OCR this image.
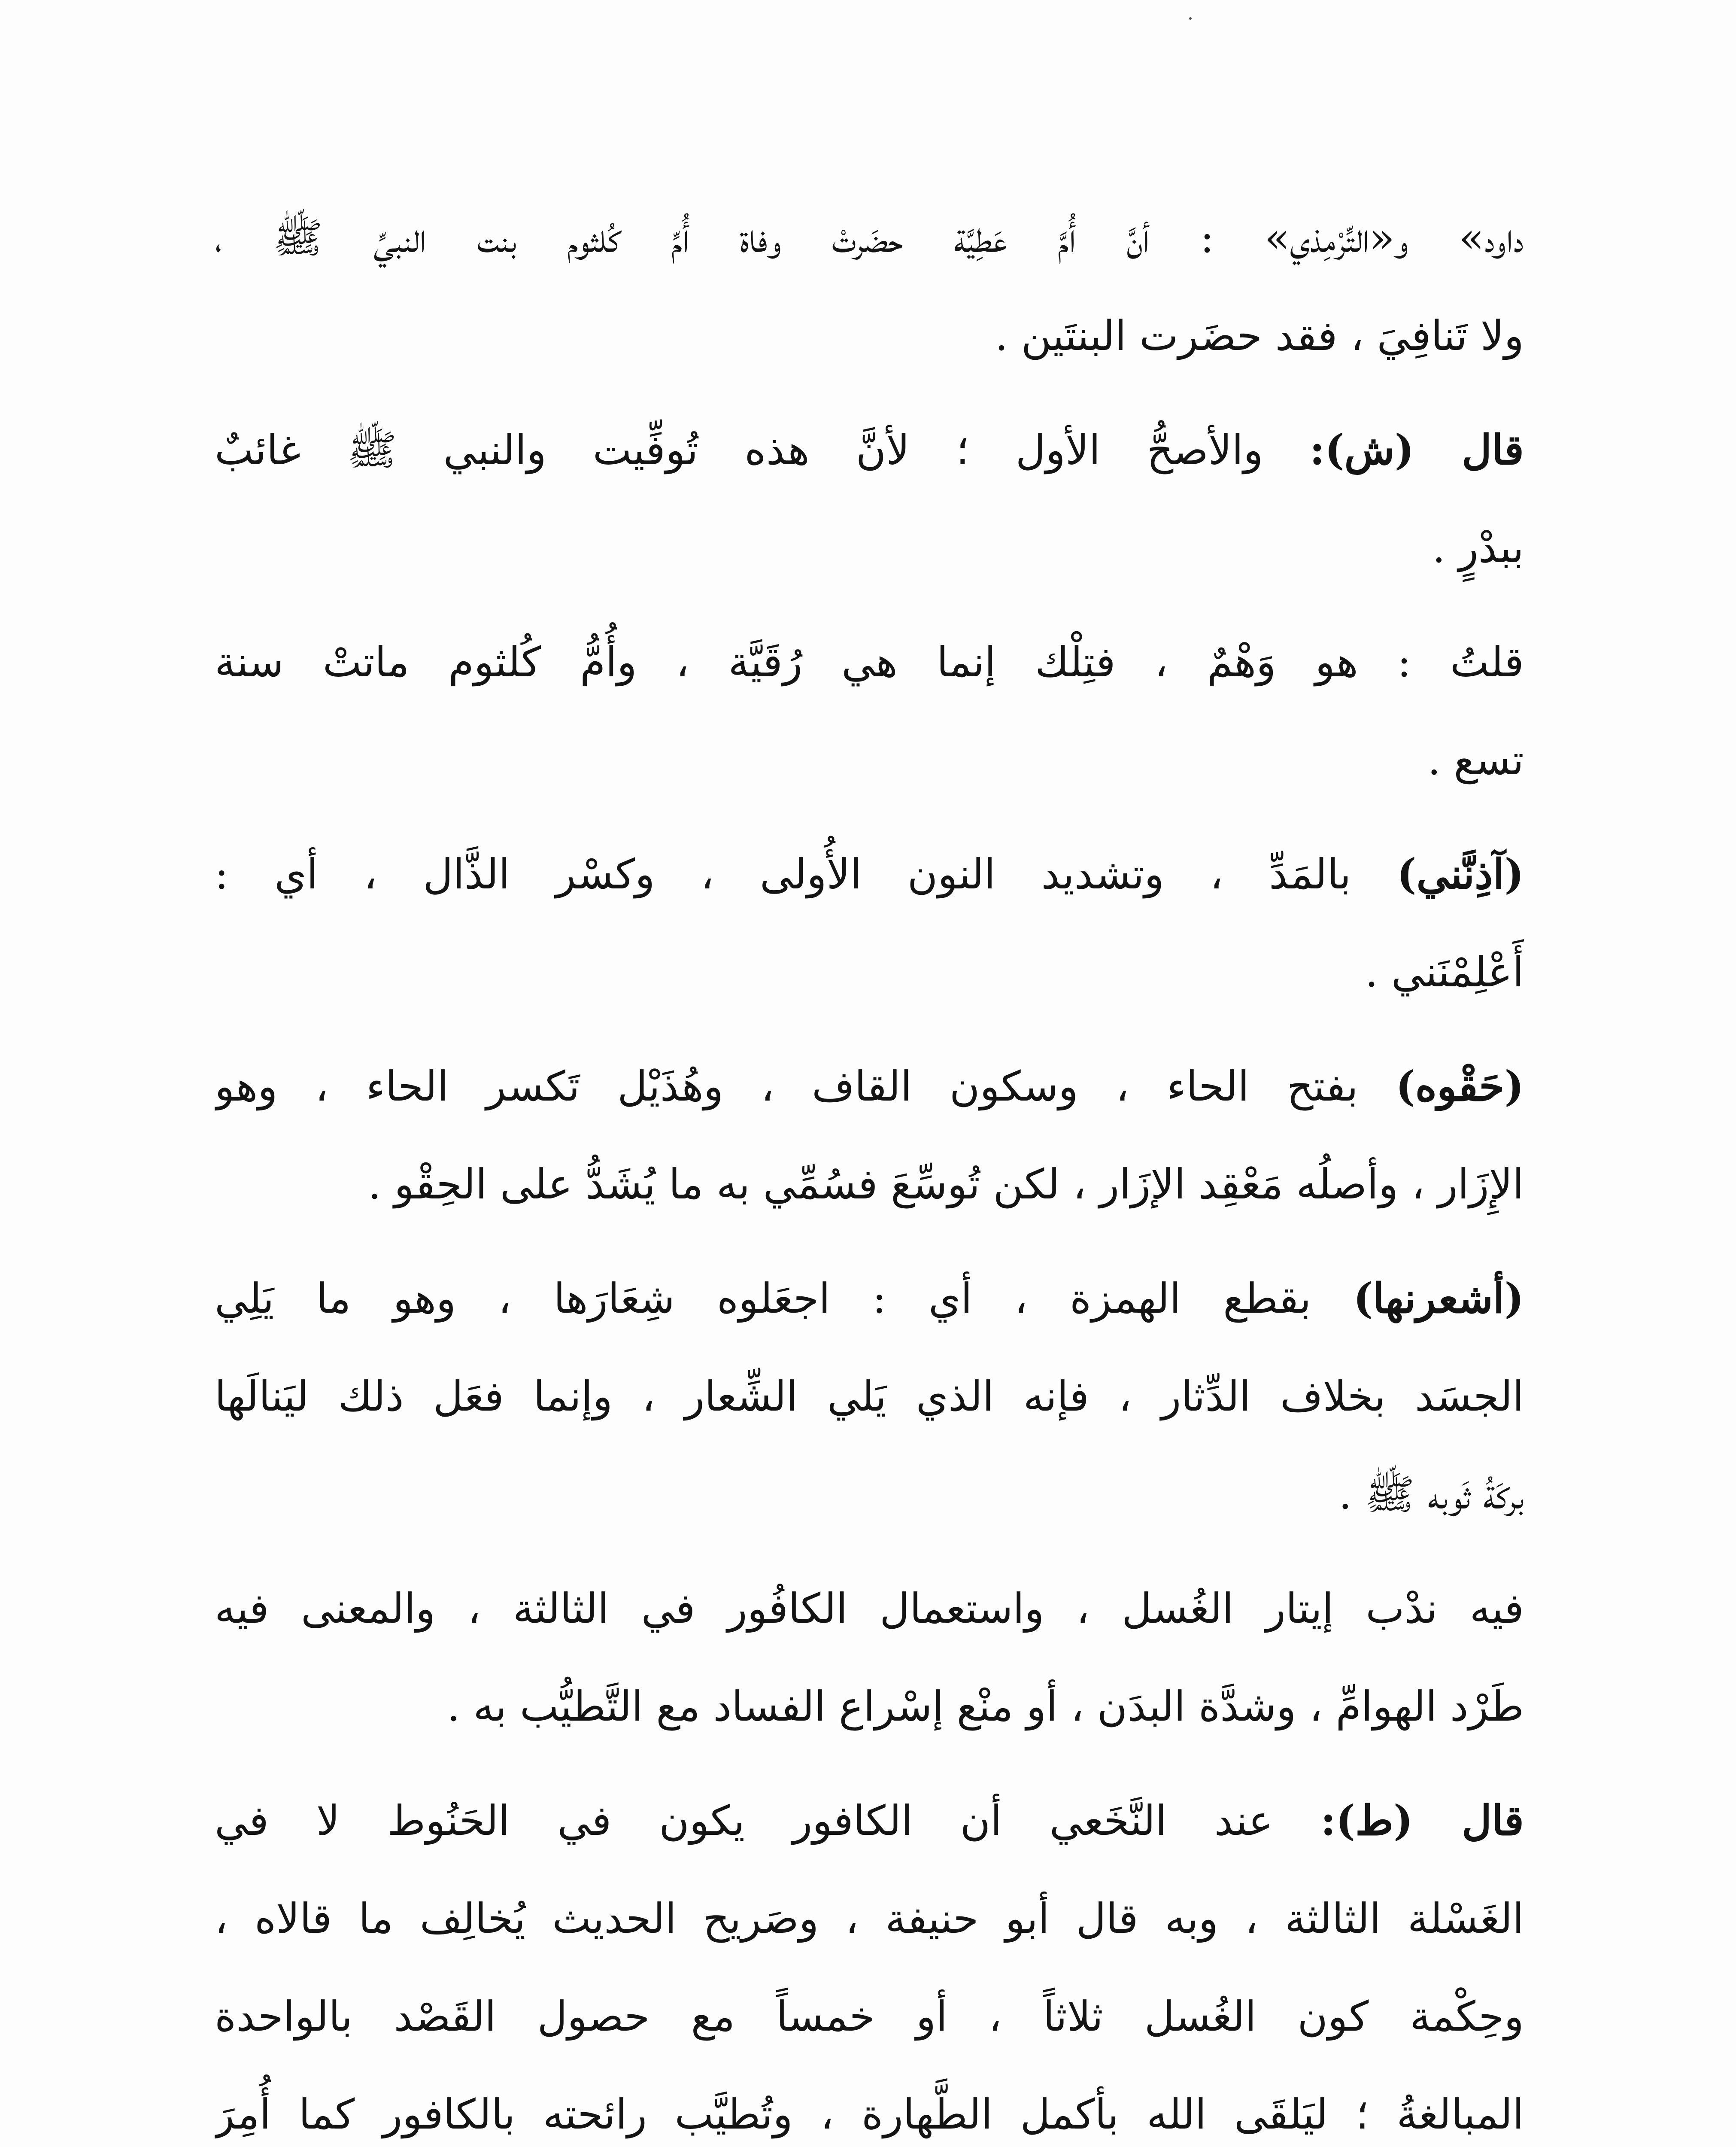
داود» و«التِّرْمِذي» : أنَّ أُمَّ عَطِيَّة حضَرتْ وفاة أُمِّ كُلثوم بنت النبيِّ ﷺ ،
ولا تَنافِيَ ، فقد حضَرت البنتَين .
قال (ش): والأصحُّ الأول ؛ لأنَّ هذه تُوفِّيت والنبي ﷺ غائبٌ
ببدْرٍ .
قلتُ : هو وَهْمٌ ، فتِلْك إنما هي رُقَيَّة ، وأُمُّ كُلثوم ماتتْ سنة
تسع .
(آذِنَّني) بالمَدِّ ، وتشديد النون الأُولى ، وكسْر الذَّال ، أي :
أَعْلِمْنَني .
(حَقْوه) بفتح الحاء ، وسكون القاف ، وهُذَيْل تَكسر الحاء ، وهو
الإِزَار ، وأصلُه مَعْقِد الإزَار ، لكن تُوسِّعَ فسُمِّي به ما يُشَدُّ على الحِقْو .
(أشعرنها) بقطع الهمزة ، أي : اجعَلوه شِعَارَها ، وهو ما يَلِي
الجسَد بخلاف الدِّثار ، فإنه الذي يَلي الشِّعار ، وإنما فعَل ذلك ليَنالَها
بركَةُ ثَوبه ﷺ .
فيه ندْب إيتار الغُسل ، واستعمال الكافُور في الثالثة ، والمعنى فيه
طَرْد الهوامِّ ، وشدَّة البدَن ، أو منْع إسْراع الفساد مع التَّطيُّب به .
قال (ط): عند النَّخَعي أن الكافور يكون في الحَنُوط لا في
الغَسْلة الثالثة ، وبه قال أبو حنيفة ، وصَريح الحديث يُخالِف ما قالاه ،
وحِكْمة كون الغُسل ثلاثاً ، أو خمساً مع حصول القَصْد بالواحدة
المبالغةُ ؛ ليَلقَى الله بأكمل الطَّهارة ، وتُطيَّب رائحته بالكافور كما أُمِرَ
